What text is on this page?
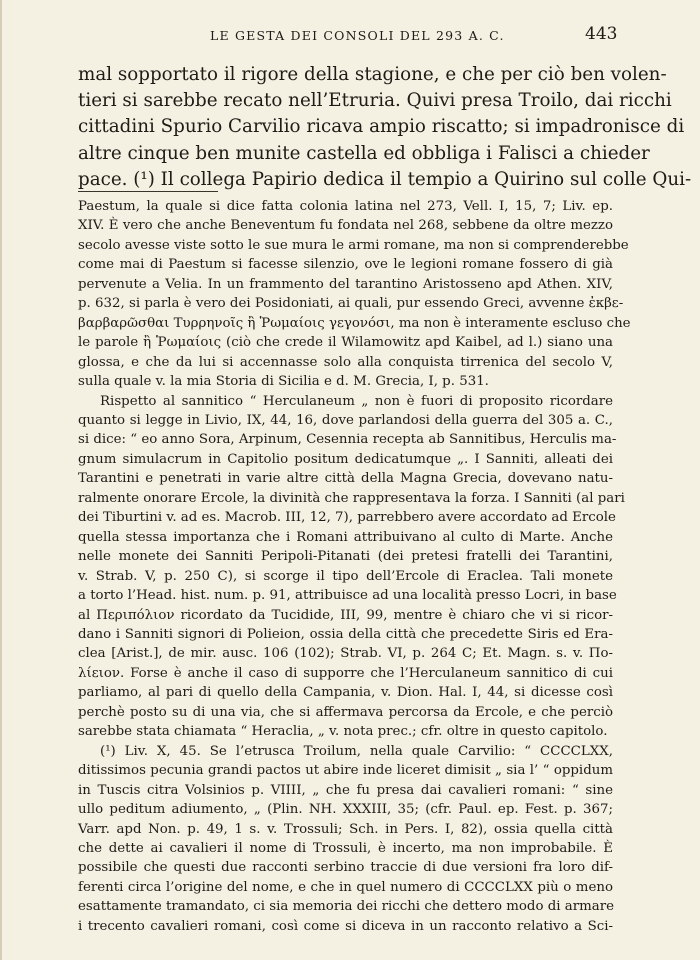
LE GESTA DEI CONSOLI DEL 293 A. C.	443
mal sopportato il rigore della stagione, e che per ciò ben volen-
tieri si sarebbe recato nell’Etruria. Quivi presa Troilo, dai ricchi
cittadini Spurio Carvilio ricava ampio riscatto; si impadronisce di
altre cinque ben munite castella ed obbliga i Falisci a chieder
pace. (¹) Il collega Papirio dedica il tempio a Quirino sul colle Qui-
Paestum, la quale si dice fatta colonia latina nel 273, Vell. I, 15, 7; Liv. ep.
XIV. È vero che anche Beneventum fu fondata nel 268, sebbene da oltre mezzo
secolo avesse viste sotto le sue mura le armi romane, ma non si comprenderebbe
come mai di Paestum si facesse silenzio, ove le legioni romane fossero di già
pervenute a Velia. In un frammento del tarantino Aristosseno apd Athen. XIV,
p. 632, si parla è vero dei Posidoniati, ai quali, pur essendo Greci, avvenne ἐκβε-
βαρβαρῶσθαι Τυρρηνοῖς ἢ Ῥωμαίοις γεγονόσι, ma non è interamente escluso che
le parole ἢ Ῥωμαίοις (ciò che crede il Wilamowitz apd Kaibel, ad l.) siano una
glossa, e che da lui si accennasse solo alla conquista tirrenica del secolo V,
sulla quale v. la mia Storia di Sicilia e d. M. Grecia, I, p. 531.
Rispetto al sannitico “ Herculaneum „ non è fuori di proposito ricordare
quanto si legge in Livio, IX, 44, 16, dove parlandosi della guerra del 305 a. C.,
si dice: “ eo anno Sora, Arpinum, Cesennia recepta ab Sannitibus, Herculis ma-
gnum simulacrum in Capitolio positum dedicatumque „. I Sanniti, alleati dei
Tarantini e penetrati in varie altre città della Magna Grecia, dovevano natu-
ralmente onorare Ercole, la divinità che rappresentava la forza. I Sanniti (al pari
dei Tiburtini v. ad es. Macrob. III, 12, 7), parrebbero avere accordato ad Ercole
quella stessa importanza che i Romani attribuivano al culto di Marte. Anche
nelle monete dei Sanniti Peripoli-Pitanati (dei pretesi fratelli dei Tarantini,
v. Strab. V, p. 250 C), si scorge il tipo dell’Ercole di Eraclea. Tali monete
a torto l’Head. hist. num. p. 91, attribuisce ad una località presso Locri, in base
al Περιπόλιον ricordato da Tucidide, III, 99, mentre è chiaro che vi si ricor-
dano i Sanniti signori di Polieion, ossia della città che precedette Siris ed Era-
clea [Arist.], de mir. ausc. 106 (102); Strab. VI, p. 264 C; Et. Magn. s. v. Πο-
λίειον. Forse è anche il caso di supporre che l’Herculaneum sannitico di cui
parliamo, al pari di quello della Campania, v. Dion. Hal. I, 44, si dicesse così
perchè posto su di una via, che si affermava percorsa da Ercole, e che perciò
sarebbe stata chiamata “ Heraclia, „ v. nota prec.; cfr. oltre in questo capitolo.
(¹) Liv. X, 45. Se l’etrusca Troilum, nella quale Carvilio: “ CCCCLXX,
ditissimos pecunia grandi pactos ut abire inde liceret dimisit „ sia l’ “ oppidum
in Tuscis citra Volsinios p. VIIII, „ che fu presa dai cavalieri romani: “ sine
ullo peditum adiumento, „ (Plin. NH. XXXIII, 35; (cfr. Paul. ep. Fest. p. 367;
Varr. apd Non. p. 49, 1 s. v. Trossuli; Sch. in Pers. I, 82), ossia quella città
che dette ai cavalieri il nome di Trossuli, è incerto, ma non improbabile. È
possibile che questi due racconti serbino traccie di due versioni fra loro dif-
ferenti circa l’origine del nome, e che in quel numero di CCCCLXX più o meno
esattamente tramandato, ci sia memoria dei ricchi che dettero modo di armare
i trecento cavalieri romani, così come si diceva in un racconto relativo a Sci-
